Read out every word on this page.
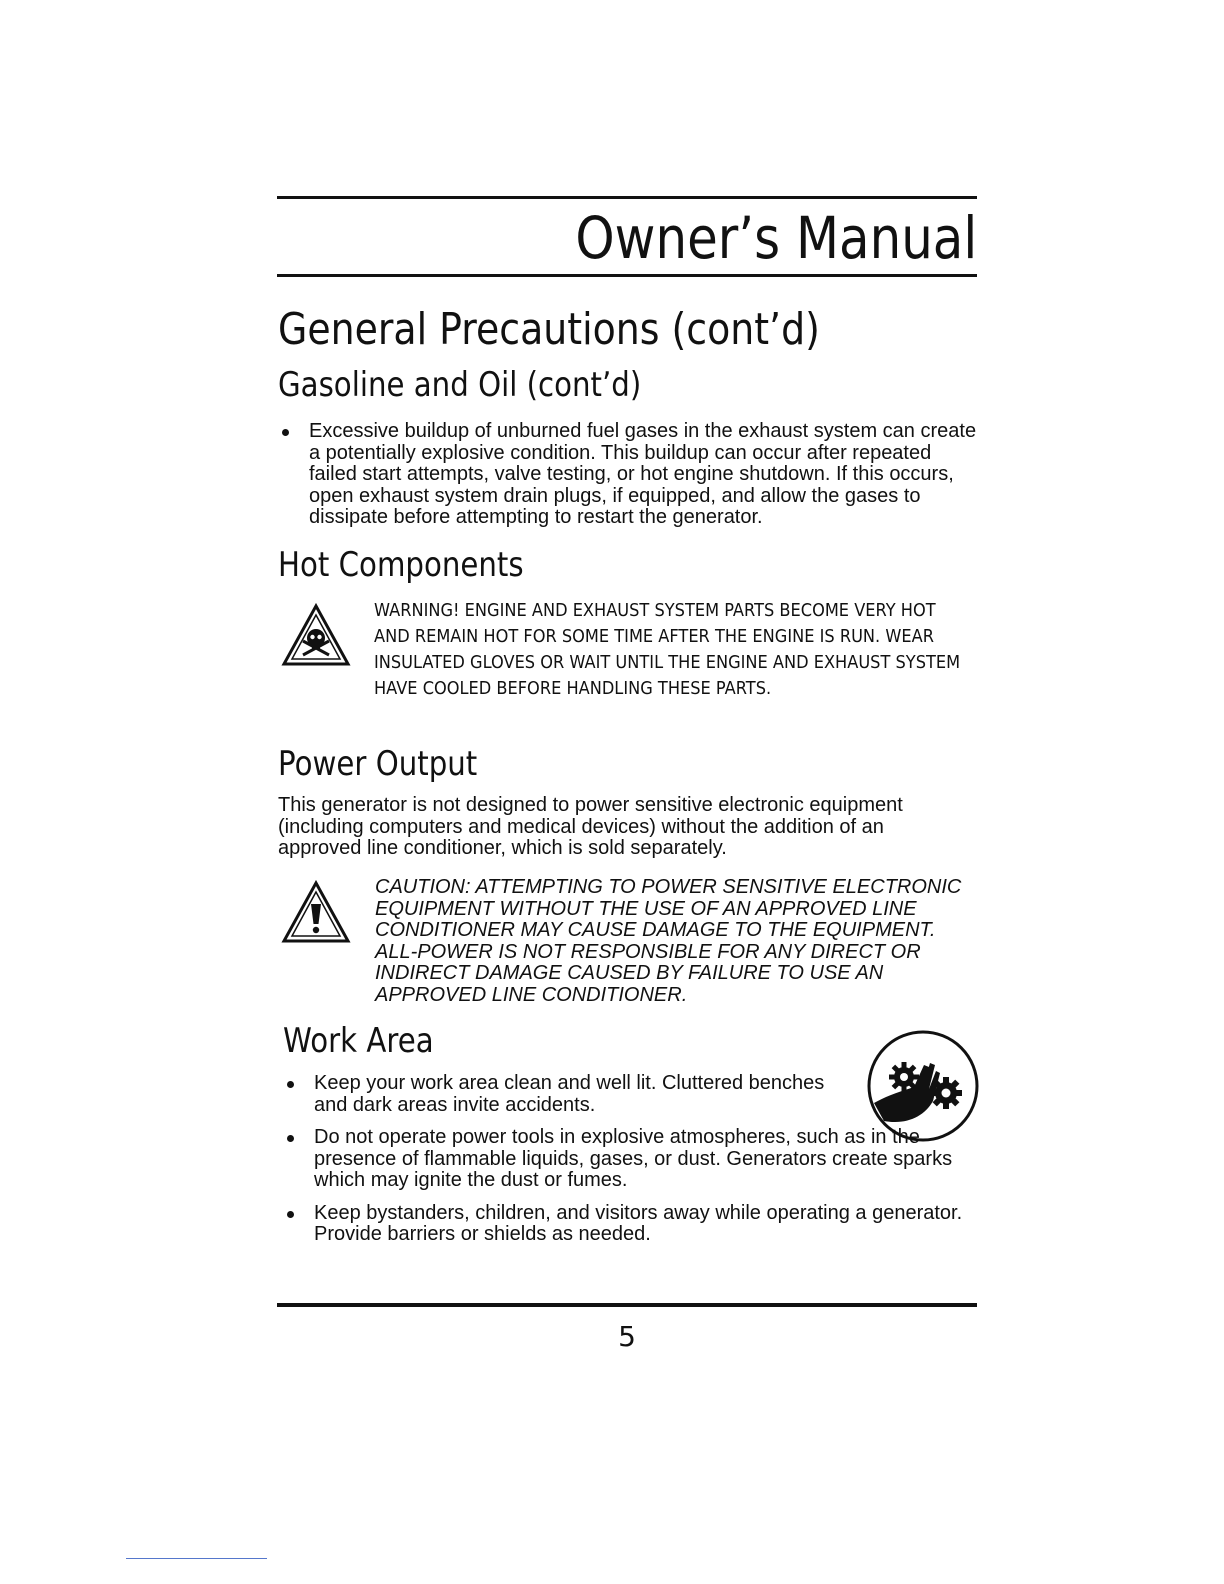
Owner’s Manual
General Precautions (cont’d)
Gasoline and Oil (cont’d)
Excessive buildup of unburned fuel gases in the exhaust system can create a potentially explosive condition. This buildup can occur after repeated failed start attempts, valve testing, or hot engine shutdown. If this occurs, open exhaust system drain plugs, if equipped, and allow the gases to dissipate before attempting to restart the generator.
Hot Components

WARNING! ENGINE AND EXHAUST SYSTEM PARTS BECOME VERY HOT AND REMAIN HOT FOR SOME TIME AFTER THE ENGINE IS RUN. WEAR INSULATED GLOVES OR WAIT UNTIL THE ENGINE AND EXHAUST SYSTEM HAVE COOLED BEFORE HANDLING THESE PARTS.

Power Output

This generator is not designed to power sensitive electronic equipment (including computers and medical devices) without the addition of an approved line conditioner, which is sold separately.

CAUTION: ATTEMPTING TO POWER SENSITIVE ELECTRONIC EQUIPMENT WITHOUT THE USE OF AN APPROVED LINE CONDITIONER MAY CAUSE DAMAGE TO THE EQUIPMENT. ALL-POWER IS NOT RESPONSIBLE FOR ANY DIRECT OR INDIRECT DAMAGE CAUSED BY FAILURE TO USE AN APPROVED LINE CONDITIONER.

Work Area
Keep your work area clean and well lit. Cluttered benches and dark areas invite accidents.
Do not operate power tools in explosive atmospheres, such as in the presence of flammable liquids, gases, or dust. Generators create sparks which may ignite the dust or fumes.
Keep bystanders, children, and visitors away while operating a generator. Provide barriers or shields as needed.
5
